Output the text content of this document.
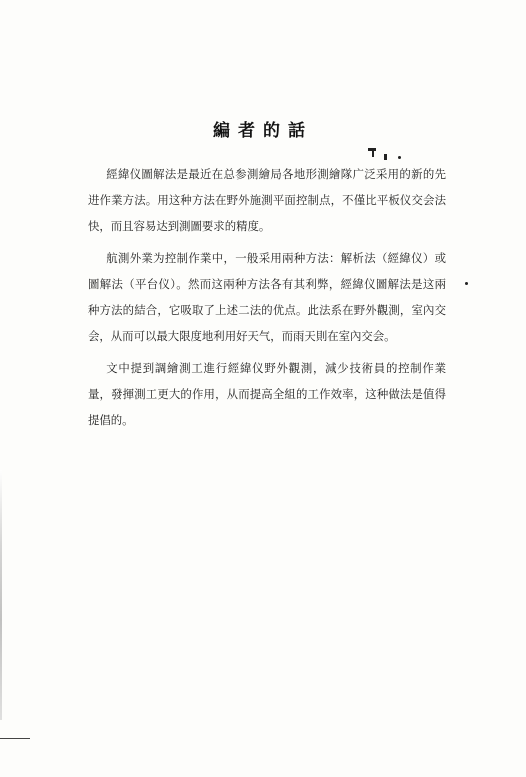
編者的話

經緯仪圖解法是最近在总参測繪局各地形測繪隊广泛采用的新的先进作業方法。用这种方法在野外施測平面控制点，不僅比平板仪交会法快，而且容易达到測圖要求的精度。

航測外業为控制作業中，一般采用兩种方法：解析法（經緯仪）或圖解法（平台仪）。然而这兩种方法各有其利弊，經緯仪圖解法是这兩种方法的結合，它吸取了上述二法的优点。此法系在野外觀測，室內交会，从而可以最大限度地利用好天气，而雨天則在室內交会。

文中提到調繪測工進行經緯仪野外觀測，減少技術員的控制作業量，發揮測工更大的作用，从而提高全組的工作效率，这种做法是值得提倡的。
